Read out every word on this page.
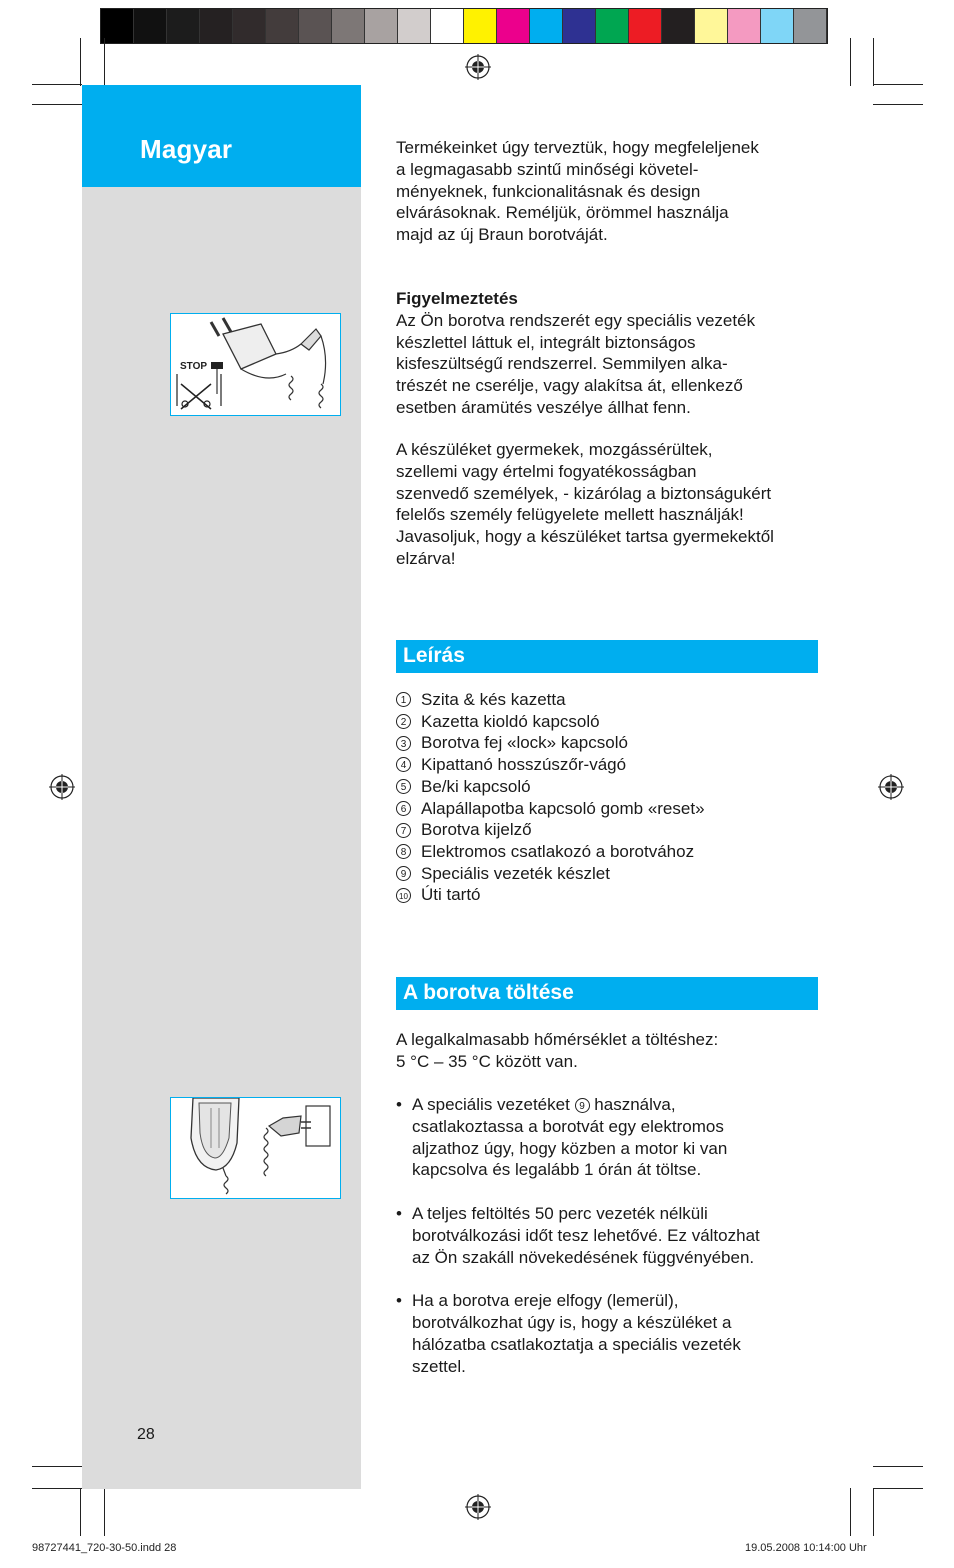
Magyar
STOP
Termékeinket úgy terveztük, hogy megfeleljenek
a legmagasabb szintű minőségi követel-
ményeknek, funkcionalitásnak és design
elvárásoknak. Reméljük, örömmel használja
majd az új Braun borotváját.

Figyelmeztetés

Az Ön borotva rendszerét egy speciális vezeték
készlettel láttuk el, integrált biztonságos
kisfeszültségű rendszerrel. Semmilyen alka-
trészét ne cserélje, vagy alakítsa át, ellenkező
esetben áramütés veszélye állhat fenn.
A készüléket gyermekek, mozgássérültek,
szellemi vagy értelmi fogyatékosságban
szenvedő személyek, - kizárólag a biztonságukért
felelős személy felügyelete mellett használják!
Javasoljuk, hogy a készüléket tartsa gyermekektől
elzárva!
Leírás
1 Szita & kés kazetta
2 Kazetta kioldó kapcsoló
3 Borotva fej «lock» kapcsoló
4 Kipattanó hosszúszőr-vágó
5 Be/ki kapcsoló
6 Alapállapotba kapcsoló gomb «reset»
7 Borotva kijelző
8 Elektromos csatlakozó a borotvához
9 Speciális vezeték készlet
10 Úti tartó
A borotva töltése
A legalkalmasabb hőmérséklet a töltéshez:
5 °C – 35 °C között van.
• A speciális vezetéket 9 használva,
csatlakoztassa a borotvát egy elektromos
aljzathoz úgy, hogy közben a motor ki van
kapcsolva és legalább 1 órán át töltse.
• A teljes feltöltés 50 perc vezeték nélküli
borotválkozási időt tesz lehetővé. Ez változhat
az Ön szakáll növekedésének függvényében.
• Ha a borotva ereje elfogy (lemerül),
borotválkozhat úgy is, hogy a készüléket a
hálózatba csatlakoztatja a speciális vezeték
szettel.
28
98727441_720-30-50.indd 28	19.05.2008 10:14:00 Uhr
